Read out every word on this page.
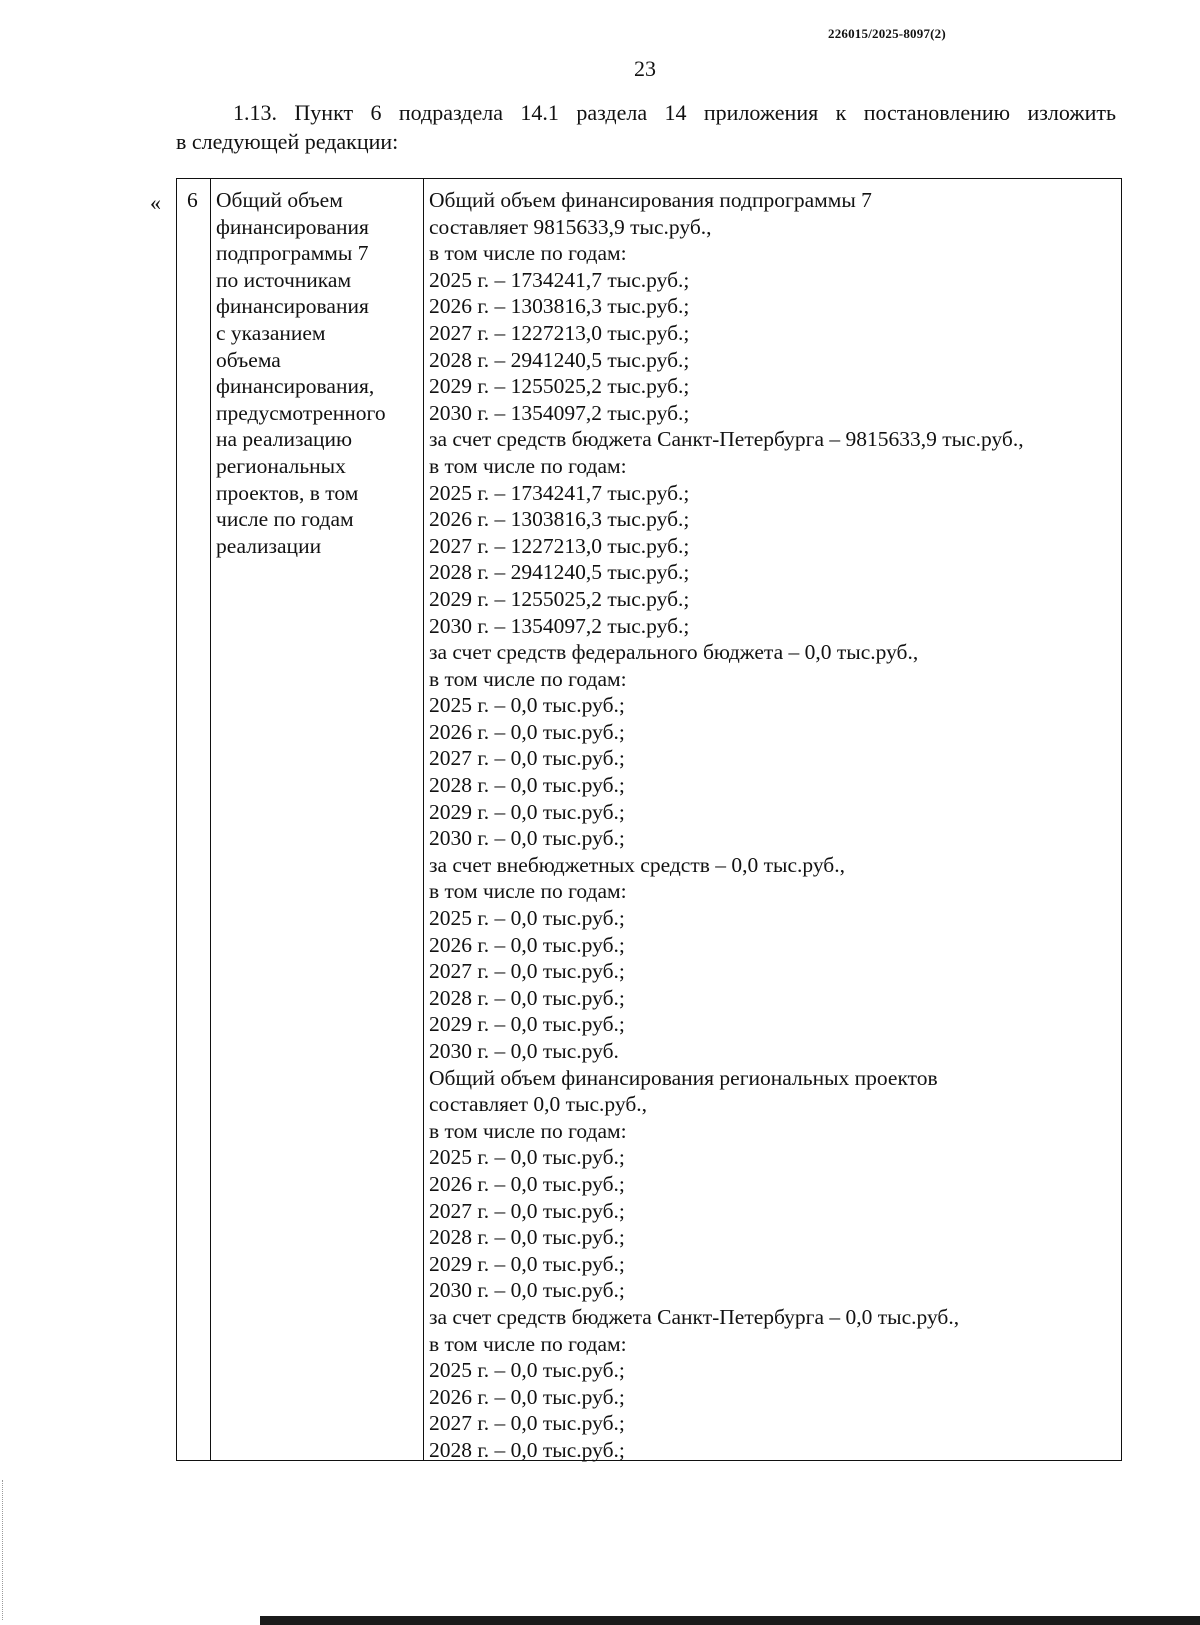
226015/2025-8097(2)
23
1.13. Пункт 6 подраздела 14.1 раздела 14 приложения к постановлению изложить
в следующей редакции:
« 6 Общий объем
финансирования
подпрограммы 7
по источникам
финансирования
с указанием
объема
финансирования,
предусмотренного
на реализацию
региональных
проектов, в том
числе по годам
реализации
Общий объем финансирования подпрограммы 7
составляет 9815633,9 тыс.руб.,
в том числе по годам:
2025 г. – 1734241,7 тыс.руб.;
2026 г. – 1303816,3 тыс.руб.;
2027 г. – 1227213,0 тыс.руб.;
2028 г. – 2941240,5 тыс.руб.;
2029 г. – 1255025,2 тыс.руб.;
2030 г. – 1354097,2 тыс.руб.;
за счет средств бюджета Санкт-Петербурга – 9815633,9 тыс.руб.,
в том числе по годам:
2025 г. – 1734241,7 тыс.руб.;
2026 г. – 1303816,3 тыс.руб.;
2027 г. – 1227213,0 тыс.руб.;
2028 г. – 2941240,5 тыс.руб.;
2029 г. – 1255025,2 тыс.руб.;
2030 г. – 1354097,2 тыс.руб.;
за счет средств федерального бюджета – 0,0 тыс.руб.,
в том числе по годам:
2025 г. – 0,0 тыс.руб.;
2026 г. – 0,0 тыс.руб.;
2027 г. – 0,0 тыс.руб.;
2028 г. – 0,0 тыс.руб.;
2029 г. – 0,0 тыс.руб.;
2030 г. – 0,0 тыс.руб.;
за счет внебюджетных средств – 0,0 тыс.руб.,
в том числе по годам:
2025 г. – 0,0 тыс.руб.;
2026 г. – 0,0 тыс.руб.;
2027 г. – 0,0 тыс.руб.;
2028 г. – 0,0 тыс.руб.;
2029 г. – 0,0 тыс.руб.;
2030 г. – 0,0 тыс.руб.
Общий объем финансирования региональных проектов
составляет 0,0 тыс.руб.,
в том числе по годам:
2025 г. – 0,0 тыс.руб.;
2026 г. – 0,0 тыс.руб.;
2027 г. – 0,0 тыс.руб.;
2028 г. – 0,0 тыс.руб.;
2029 г. – 0,0 тыс.руб.;
2030 г. – 0,0 тыс.руб.;
за счет средств бюджета Санкт-Петербурга – 0,0 тыс.руб.,
в том числе по годам:
2025 г. – 0,0 тыс.руб.;
2026 г. – 0,0 тыс.руб.;
2027 г. – 0,0 тыс.руб.;
2028 г. – 0,0 тыс.руб.;
